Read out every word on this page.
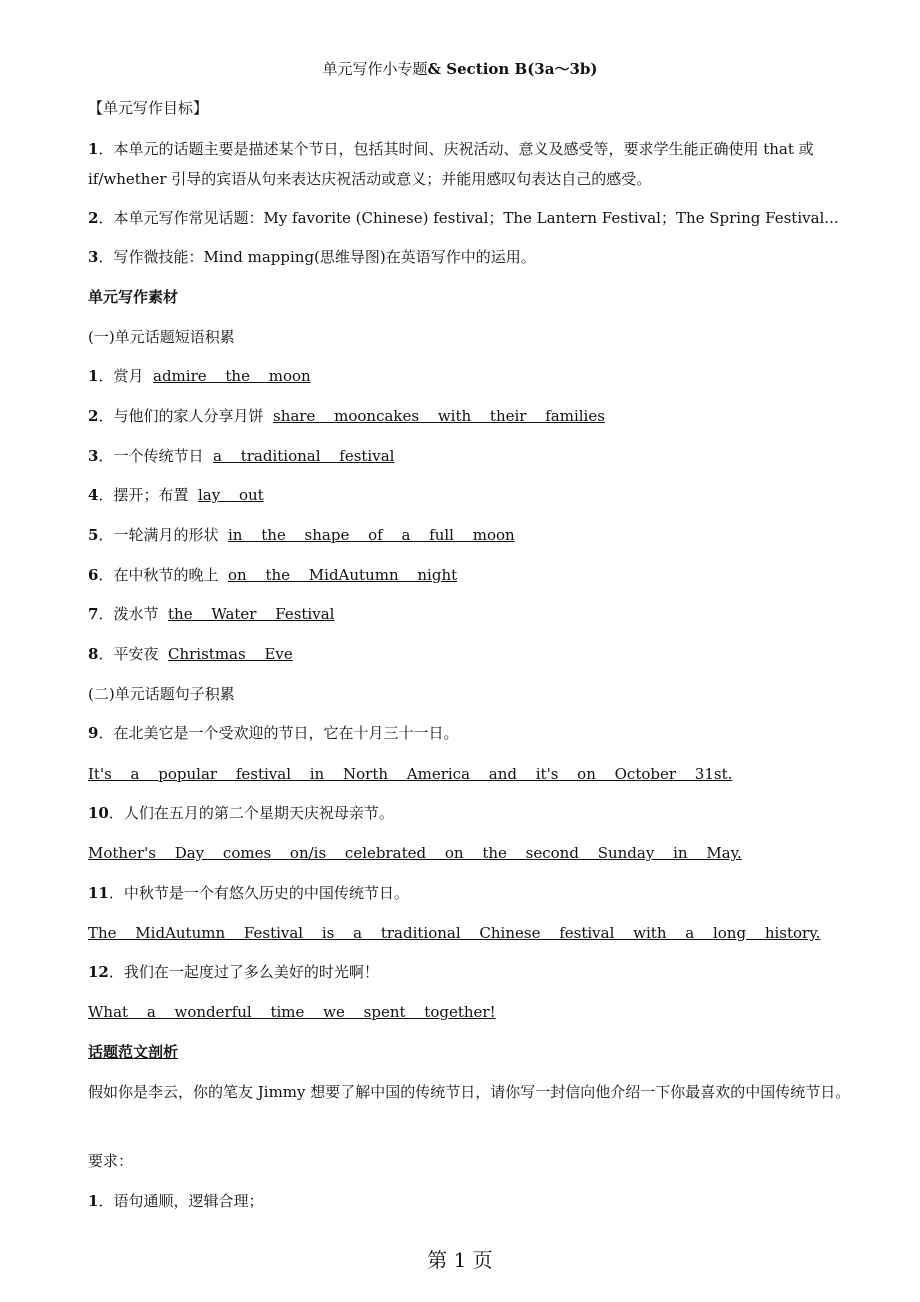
单元写作小专题& Section B(3a～3b)
【单元写作目标】
1．本单元的话题主要是描述某个节日，包括其时间、庆祝活动、意义及感受等，要求学生能正确使用 that 或 if/whether 引导的宾语从句来表达庆祝活动或意义；并能用感叹句表达自己的感受。
2．本单元写作常见话题：My favorite (Chinese) festival；The Lantern Festival；The Spring Festival...
3．写作微技能：Mind mapping(思维导图)在英语写作中的运用。
单元写作素材
(一)单元话题短语积累
1．赏月 admire the moon
2．与他们的家人分享月饼 share mooncakes with their families
3．一个传统节日 a traditional festival
4．摆开；布置 lay out
5．一轮满月的形状 in the shape of a full moon
6．在中秋节的晚上 on the MidAutumn night
7．泼水节 the Water Festival
8．平安夜 Christmas Eve
(二)单元话题句子积累
9．在北美它是一个受欢迎的节日，它在十月三十一日。
It's a popular festival in North America and it's on October 31st.
10．人们在五月的第二个星期天庆祝母亲节。
Mother's Day comes on/is celebrated on the second Sunday in May.
11．中秋节是一个有悠久历史的中国传统节日。
The MidAutumn Festival is a traditional Chinese festival with a long history.
12．我们在一起度过了多么美好的时光啊！
What a wonderful time we spent together!
话题范文剖析
假如你是李云，你的笔友 Jimmy 想要了解中国的传统节日，请你写一封信向他介绍一下你最喜欢的中国传统节日。
要求：
1．语句通顺，逻辑合理；
第 1 页
